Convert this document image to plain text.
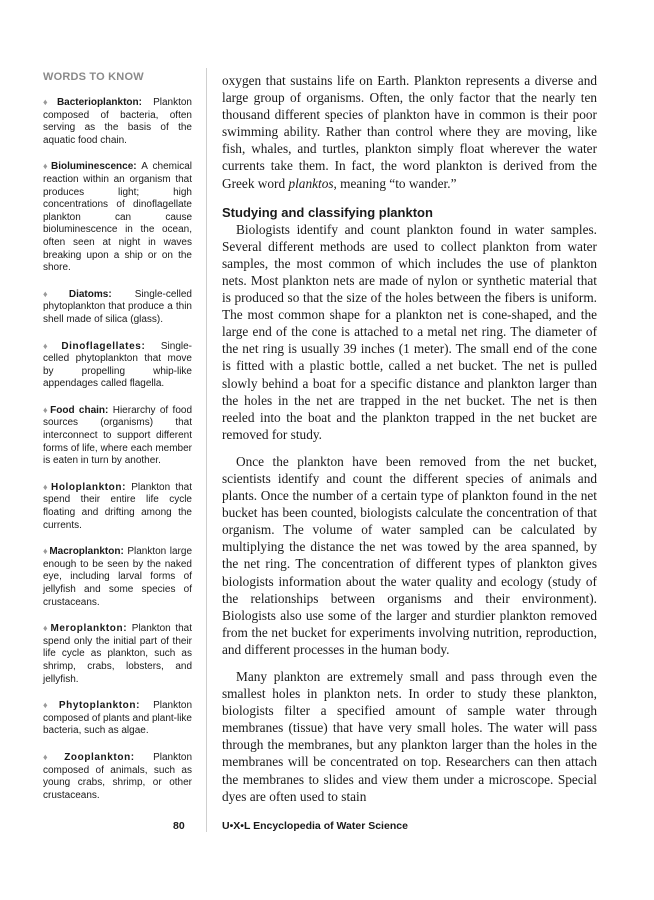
WORDS TO KNOW

♦Bacterioplankton: Plankton composed of bacteria, often serving as the basis of the aquatic food chain.

♦Bioluminescence: A chemical reaction within an organism that produces light; high concentrations of dinoflagellate plankton can cause bioluminescence in the ocean, often seen at night in waves breaking upon a ship or on the shore.

♦Diatoms: Single-celled phytoplankton that produce a thin shell made of silica (glass).

♦Dinoflagellates: Single-celled phytoplankton that move by propelling whip-like appendages called flagella.

♦Food chain: Hierarchy of food sources (organisms) that interconnect to support different forms of life, where each member is eaten in turn by another.

♦Holoplankton: Plankton that spend their entire life cycle floating and drifting among the currents.

♦Macroplankton: Plankton large enough to be seen by the naked eye, including larval forms of jellyfish and some species of crustaceans.

♦Meroplankton: Plankton that spend only the initial part of their life cycle as plankton, such as shrimp, crabs, lobsters, and jellyfish.

♦Phytoplankton: Plankton composed of plants and plant-like bacteria, such as algae.

♦Zooplankton: Plankton composed of animals, such as young crabs, shrimp, or other crustaceans.

oxygen that sustains life on Earth. Plankton represents a diverse and large group of organisms. Often, the only factor that the nearly ten thousand different species of plankton have in common is their poor swimming ability. Rather than control where they are moving, like fish, whales, and turtles, plankton simply float wherever the water currents take them. In fact, the word plankton is derived from the Greek word planktos, meaning “to wander.”

Studying and classifying plankton

Biologists identify and count plankton found in water samples. Several different methods are used to collect plankton from water samples, the most common of which includes the use of plankton nets. Most plankton nets are made of nylon or synthetic material that is produced so that the size of the holes between the fibers is uniform. The most common shape for a plankton net is cone-shaped, and the large end of the cone is attached to a metal net ring. The diameter of the net ring is usually 39 inches (1 meter). The small end of the cone is fitted with a plastic bottle, called a net bucket. The net is pulled slowly behind a boat for a specific distance and plankton larger than the holes in the net are trapped in the net bucket. The net is then reeled into the boat and the plankton trapped in the net bucket are removed for study.

Once the plankton have been removed from the net bucket, scientists identify and count the different species of animals and plants. Once the number of a certain type of plankton found in the net bucket has been counted, biologists calculate the concentration of that organism. The volume of water sampled can be calculated by multiplying the distance the net was towed by the area spanned, by the net ring. The concentration of different types of plankton gives biologists information about the water quality and ecology (study of the relationships between organisms and their environment). Biologists also use some of the larger and sturdier plankton removed from the net bucket for experiments involving nutrition, reproduction, and different processes in the human body.

Many plankton are extremely small and pass through even the smallest holes in plankton nets. In order to study these plankton, biologists filter a specified amount of sample water through membranes (tissue) that have very small holes. The water will pass through the membranes, but any plankton larger than the holes in the membranes will be concentrated on top. Researchers can then attach the membranes to slides and view them under a microscope. Special dyes are often used to stain

80	U•X•L Encyclopedia of Water Science
